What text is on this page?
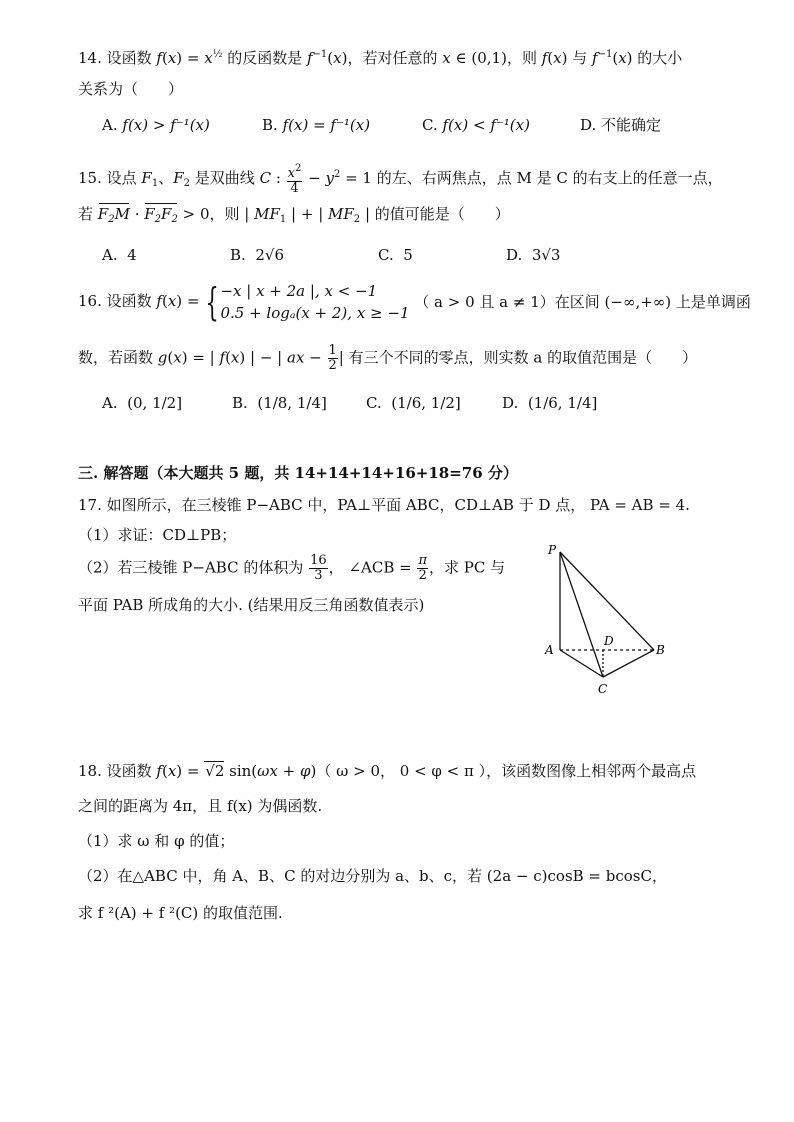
14. 设函数 $f(x) = x^{\frac{1}{2}}$ 的反函数是 $f^{-1}(x)$，若对任意的 x ∈ (0,1)，则 f(x) 与 $f^{-1}(x)$ 的大小
关系为（　　）
A. f(x) > f⁻¹(x)	B. f(x) = f⁻¹(x)	C. f(x) < f⁻¹(x)	D. 不能确定
15. 设点 $F_1$、$F_2$ 是双曲线 C : $\frac{x^2}{4} - y^2 = 1$ 的左、右两焦点，点 M 是 C 的右支上的任意一点，
若 $F_2M \cdot F_2F_2 > 0$，则 | $MF_1$ | + | $MF_2$ | 的值可能是（　　）
A. 4	B. 2√6	C. 5	D. 3√3
16. 设函数 f(x) = { −x | x + 2a |, x < −1
0.5 + logₐ(x + 2), x ≥ −1
（ a > 0 且 a ≠ 1）在区间 (−∞,+∞) 上是单调函
数，若函数 g(x) = | f(x) | − | ax − $\frac{1}{2}$ | 有三个不同的零点，则实数 a 的取值范围是（　　）
A. (0, 1/2]	B. (1/8, 1/4]	C. (1/6, 1/2]	D. (1/6, 1/4]
三. 解答题（本大题共 5 题，共 14+14+14+16+18=76 分）
17. 如图所示，在三棱锥 P−ABC 中，PA⊥平面 ABC，CD⊥AB 于 D 点， PA = AB = 4.
（1）求证：CD⊥PB；
（2）若三棱锥 P−ABC 的体积为 $\frac{16}{3}$ ， ∠ACB = $\frac{\pi}{2}$ ，求 PC 与
平面 PAB 所成角的大小. (结果用反三角函数值表示)
P
A	B
C
D
18. 设函数 f(x) = √2 sin(ωx + φ)（ ω > 0， 0 < φ < π ），该函数图像上相邻两个最高点
之间的距离为 4π，且 f(x) 为偶函数.
（1）求 ω 和 φ 的值；
（2）在△ABC 中，角 A、B、C 的对边分别为 a、b、c，若 (2a − c)cosB = bcosC，
求 f ²(A) + f ²(C) 的取值范围.
